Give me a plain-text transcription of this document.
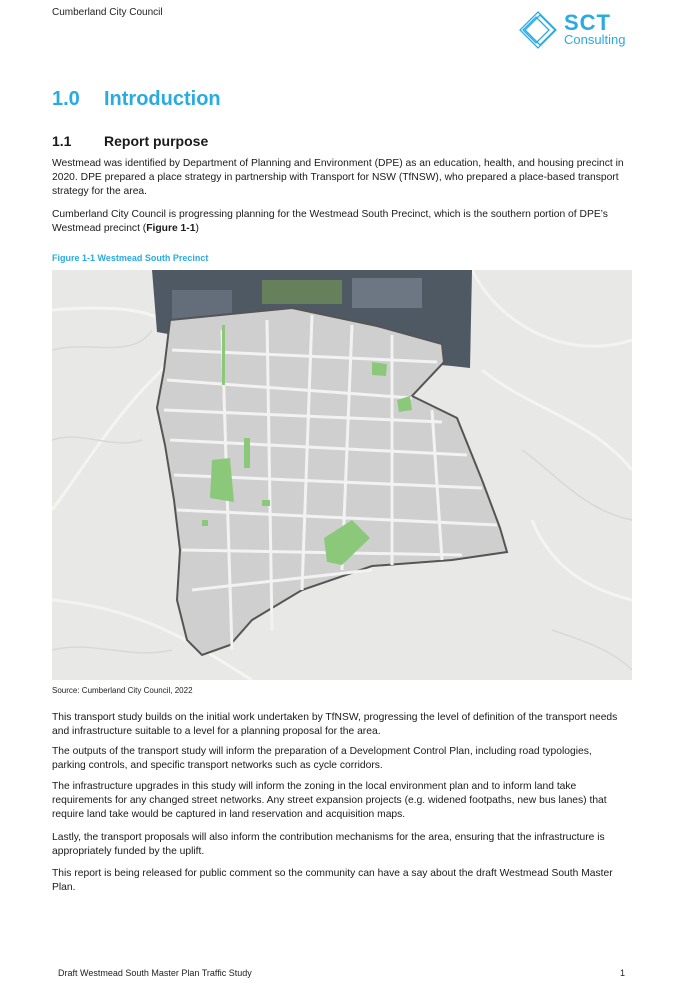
Cumberland City Council	SCT
Consulting
1.0 Introduction
1.1 Report purpose

Westmead was identified by Department of Planning and Environment (DPE) as an education, health, and housing precinct in 2020. DPE prepared a place strategy in partnership with Transport for NSW (TfNSW), who prepared a place-based transport strategy for the area.

Cumberland City Council is progressing planning for the Westmead South Precinct, which is the southern portion of DPE’s Westmead precinct (Figure 1-1)

Figure 1-1 Westmead South Precinct
Source: Cumberland City Council, 2022

This transport study builds on the initial work undertaken by TfNSW, progressing the level of definition of the transport needs and infrastructure suitable to a level for a planning proposal for the area.

The outputs of the transport study will inform the preparation of a Development Control Plan, including road typologies, parking controls, and specific transport networks such as cycle corridors.

The infrastructure upgrades in this study will inform the zoning in the local environment plan and to inform land take requirements for any changed street networks. Any street expansion projects (e.g. widened footpaths, new bus lanes) that require land take would be captured in land reservation and acquisition maps.

Lastly, the transport proposals will also inform the contribution mechanisms for the area, ensuring that the infrastructure is appropriately funded by the uplift.

This report is being released for public comment so the community can have a say about the draft Westmead South Master Plan.

Draft Westmead South Master Plan Traffic Study	1
